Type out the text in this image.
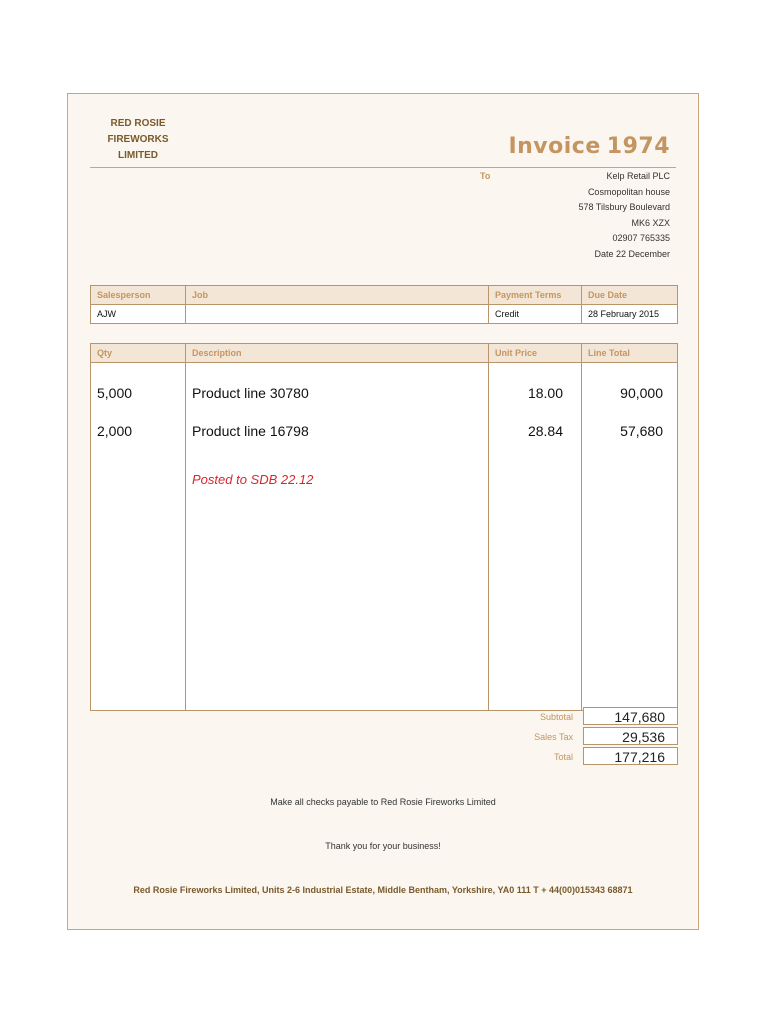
RED ROSIE
FIREWORKS
LIMITED	Invoice 1974
To	Kelp Retail PLC
Cosmopolitan house
578 Tilsbury Boulevard
MK6 XZX
02907 765335
Date 22 December
Salesperson	Job	Payment Terms	Due Date
AJW		Credit	28 February 2015
Qty	Description	Unit Price	Line Total
5,000	Product line 30780	18.00	90,000
2,000	Product line 16798	28.84	57,680
	Posted to SDB 22.12		
Subtotal	147,680
Sales Tax	29,536
Total	177,216
Make all checks payable to Red Rosie Fireworks Limited
Thank you for your business!
Red Rosie Fireworks Limited, Units 2-6 Industrial Estate, Middle Bentham, Yorkshire, YA0 111 T + 44(00)015343 68871
